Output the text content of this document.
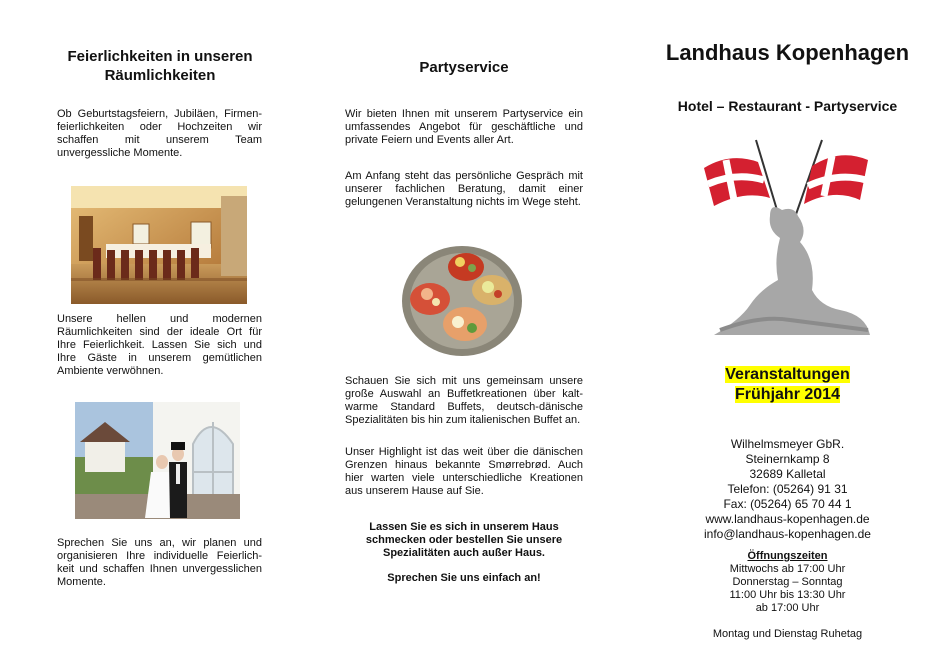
Feierlichkeiten in unseren Räumlichkeiten
Ob Geburtstagsfeiern, Jubiläen, Firmen-feierlichkeiten oder Hochzeiten wir schaffen mit unserem Team unvergessliche Momente.
Unsere hellen und modernen Räumlichkeiten sind der ideale Ort für Ihre Feierlichkeit. Lassen Sie sich und Ihre Gäste in unserem gemütlichen Ambiente verwöhnen.
Sprechen Sie uns an, wir planen und organisieren Ihre individuelle Feierlich-keit und schaffen Ihnen unvergesslichen Momente.
Partyservice
Wir bieten Ihnen mit unserem Partyservice ein umfassendes Angebot für geschäftliche und private Feiern und Events aller Art.
Am Anfang steht das persönliche Gespräch mit unserer fachlichen Beratung, damit einer gelungenen Veranstaltung nichts im Wege steht.
Schauen Sie sich mit uns gemeinsam unsere große Auswahl an Buffetkreationen über kalt-warme Standard Buffets, deutsch-dänische Spezialitäten bis hin zum italienischen Buffet an.
Unser Highlight ist das weit über die dänischen Grenzen hinaus bekannte Smørrebrød. Auch hier warten viele unterschiedliche Kreationen aus unserem Hause auf Sie.
Lassen Sie es sich in unserem Haus schmecken oder bestellen Sie unsere Spezialitäten auch außer Haus.
Sprechen Sie uns einfach an!
Landhaus Kopenhagen
Hotel – Restaurant - Partyservice
Veranstaltungen
Frühjahr 2014
Wilhelmsmeyer GbR.
Steinernkamp 8
32689 Kalletal
Telefon: (05264) 91 31
Fax: (05264) 65 70 44 1
www.landhaus-kopenhagen.de
info@landhaus-kopenhagen.de
Öffnungszeiten
Mittwochs ab 17:00 Uhr
Donnerstag – Sonntag
11:00 Uhr bis 13:30 Uhr
ab 17:00 Uhr
Montag und Dienstag Ruhetag
